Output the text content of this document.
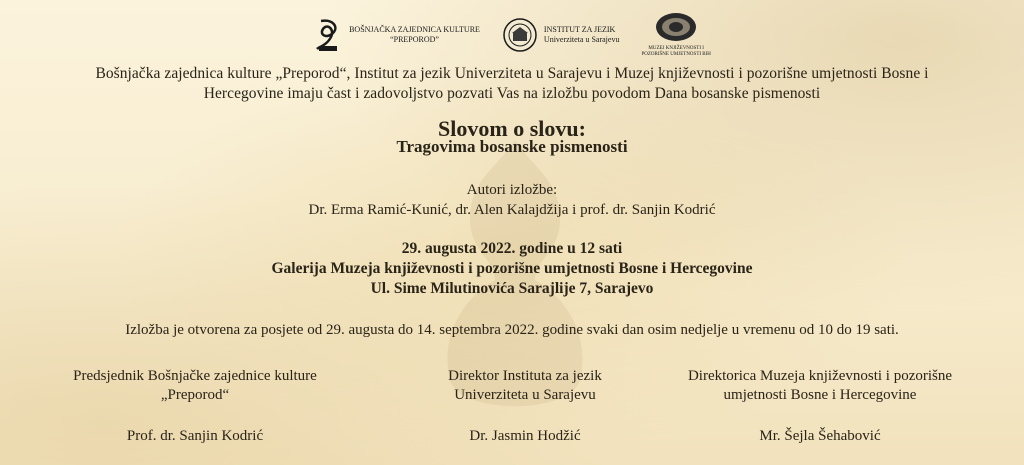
BOŠNJAČKA ZAJEDNICA KULTURE
“PREPOROD”
INSTITUT ZA JEZIK
Univerziteta u Sarajevu
MUZEJ KNJIŽEVNOSTI I
POZORIŠNE UMJETNOSTI BIH
Bošnjačka zajednica kulture „Preporod“, Institut za jezik Univerziteta u Sarajevu i Muzej književnosti i pozorišne umjetnosti Bosne i
Hercegovine imaju čast i zadovoljstvo pozvati Vas na izložbu povodom Dana bosanske pismenosti
Slovom o slovu:
Tragovima bosanske pismenosti
Autori izložbe:
Dr. Erma Ramić-Kunić, dr. Alen Kalajdžija i prof. dr. Sanjin Kodrić
29. augusta 2022. godine u 12 sati
Galerija Muzeja književnosti i pozorišne umjetnosti Bosne i Hercegovine
Ul. Sime Milutinovića Sarajlije 7, Sarajevo
Izložba je otvorena za posjete od 29. augusta do 14. septembra 2022. godine svaki dan osim nedjelje u vremenu od 10 do 19 sati.
Predsjednik Bošnjačke zajednice kulture
„Preporod“
Prof. dr. Sanjin Kodrić
Direktor Instituta za jezik
Univerziteta u Sarajevu
Dr. Jasmin Hodžić
Direktorica Muzeja književnosti i pozorišne
umjetnosti Bosne i Hercegovine
Mr. Šejla Šehabović
